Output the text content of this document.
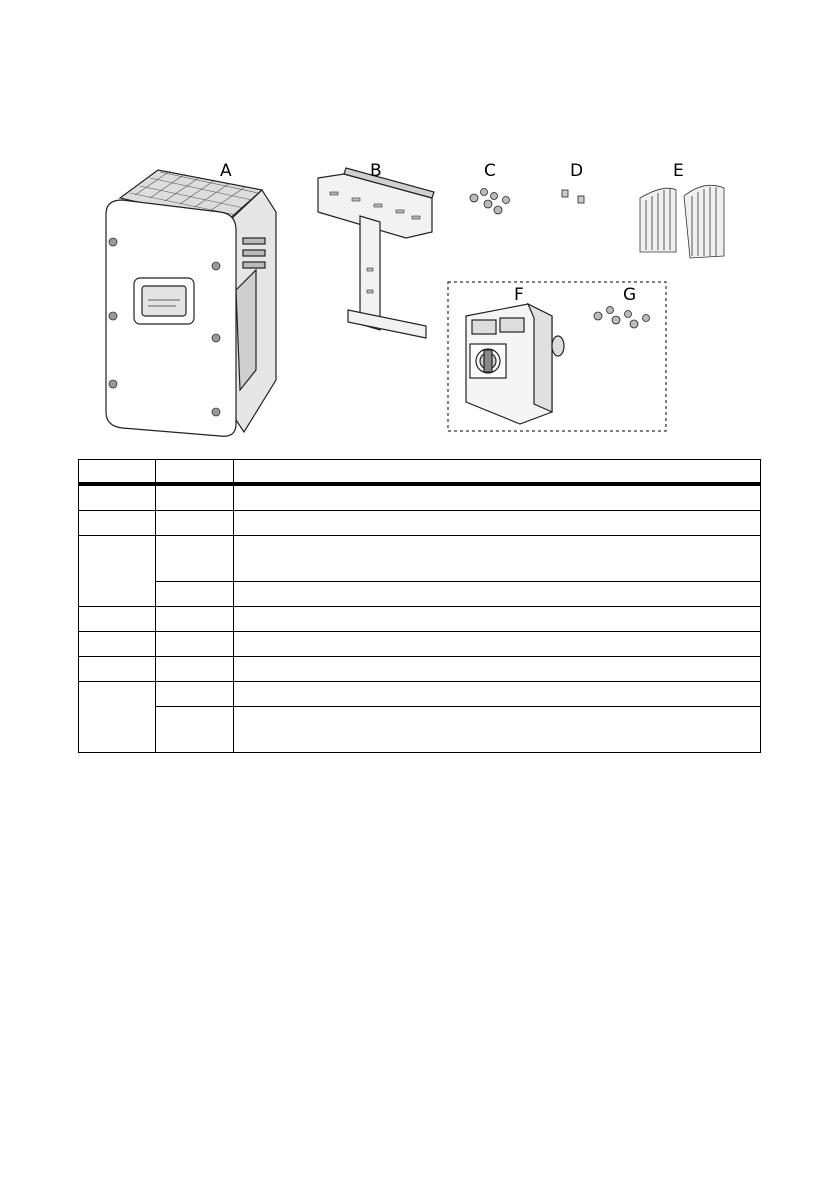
A	B	C	D	E
F	G
